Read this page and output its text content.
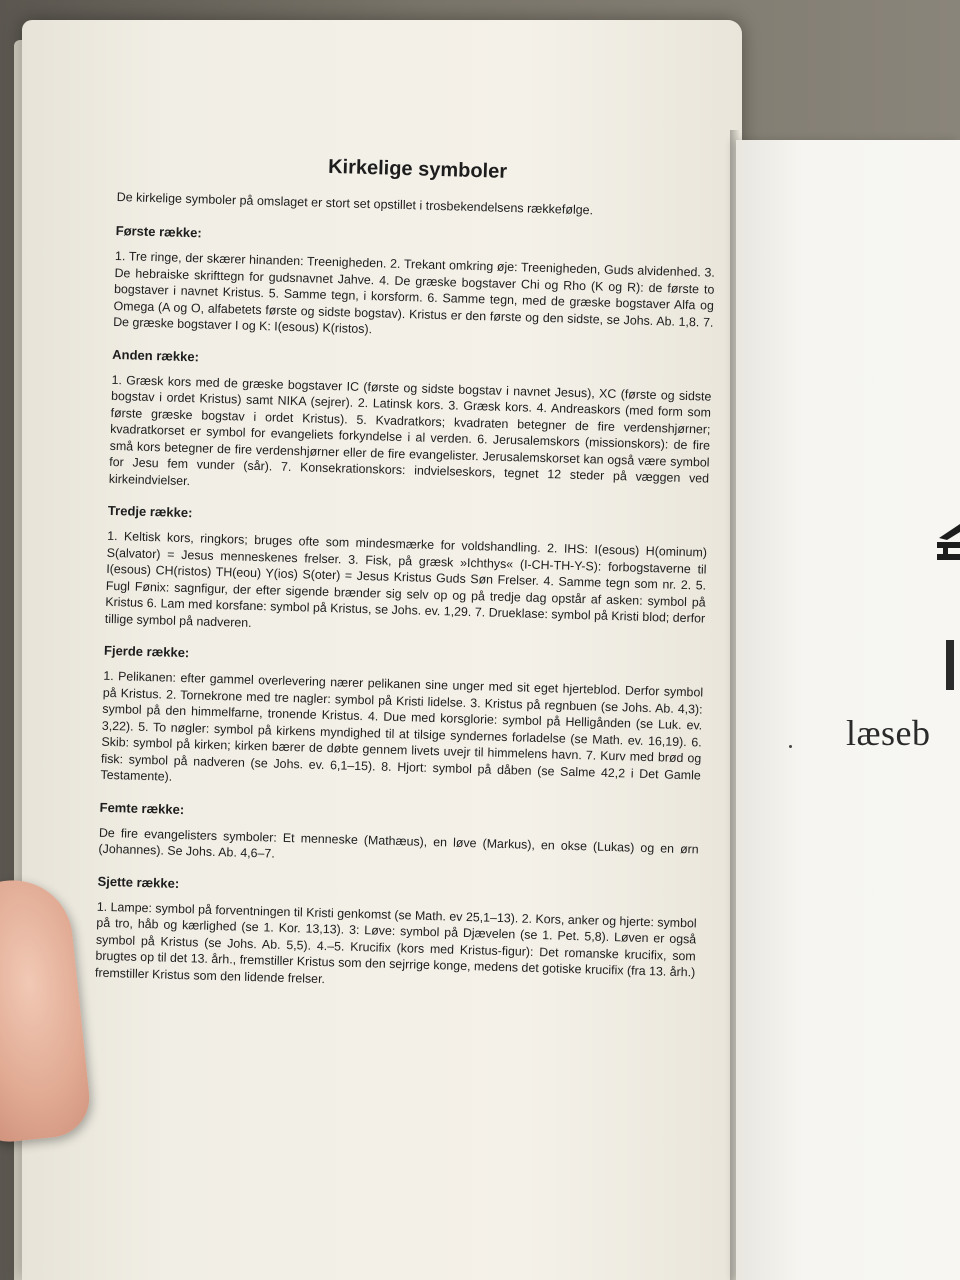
Kirkelige symboler
De kirkelige symboler på omslaget er stort set opstillet i trosbekendelsens rækkefølge.
Første række:
1. Tre ringe, der skærer hinanden: Treenigheden. 2. Trekant omkring øje: Treenigheden, Guds alvidenhed. 3. De hebraiske skrifttegn for gudsnavnet Jahve. 4. De græske bogstaver Chi og Rho (K og R): de første to bogstaver i navnet Kristus. 5. Samme tegn, i korsform. 6. Samme tegn, med de græske bogstaver Alfa og Omega (A og O, alfabetets første og sidste bogstav). Kristus er den første og den sidste, se Johs. Ab. 1,8. 7. De græske bogstaver I og K: I(esous) K(ristos).
Anden række:
1. Græsk kors med de græske bogstaver IC (første og sidste bogstav i navnet Jesus), XC (første og sidste bogstav i ordet Kristus) samt NIKA (sejrer). 2. Latinsk kors. 3. Græsk kors. 4. Andreaskors (med form som første græske bogstav i ordet Kristus). 5. Kvadratkors; kvadraten betegner de fire verdenshjørner; kvadratkorset er symbol for evangeliets forkyndelse i al verden. 6. Jerusalemskors (missionskors): de fire små kors betegner de fire verdenshjørner eller de fire evangelister. Jerusalemskorset kan også være symbol for Jesu fem vunder (sår). 7. Konsekrationskors: indvielseskors, tegnet 12 steder på væggen ved kirkeindvielser.
Tredje række:
1. Keltisk kors, ringkors; bruges ofte som mindesmærke for voldshandling. 2. IHS: I(esous) H(ominum) S(alvator) = Jesus menneskenes frelser. 3. Fisk, på græsk »Ichthys« (I-CH-TH-Y-S): forbogstaverne til I(esous) CH(ristos) TH(eou) Y(ios) S(oter) = Jesus Kristus Guds Søn Frelser. 4. Samme tegn som nr. 2. 5. Fugl Fønix: sagnfigur, der efter sigende brænder sig selv op og på tredje dag opstår af asken: symbol på Kristus 6. Lam med korsfane: symbol på Kristus, se Johs. ev. 1,29. 7. Drueklase: symbol på Kristi blod; derfor tillige symbol på nadveren.
Fjerde række:
1. Pelikanen: efter gammel overlevering nærer pelikanen sine unger med sit eget hjerteblod. Derfor symbol på Kristus. 2. Tornekrone med tre nagler: symbol på Kristi lidelse. 3. Kristus på regnbuen (se Johs. Ab. 4,3): symbol på den himmelfarne, tronende Kristus. 4. Due med korsglorie: symbol på Helligånden (se Luk. ev. 3,22). 5. To nøgler: symbol på kirkens myndighed til at tilsige syndernes forladelse (se Math. ev. 16,19). 6. Skib: symbol på kirken; kirken bærer de døbte gennem livets uvejr til himmelens havn. 7. Kurv med brød og fisk: symbol på nadveren (se Johs. ev. 6,1–15). 8. Hjort: symbol på dåben (se Salme 42,2 i Det Gamle Testamente).
Femte række:
De fire evangelisters symboler: Et menneske (Mathæus), en løve (Markus), en okse (Lukas) og en ørn (Johannes). Se Johs. Ab. 4,6–7.
Sjette række:
1. Lampe: symbol på forventningen til Kristi genkomst (se Math. ev 25,1–13). 2. Kors, anker og hjerte: symbol på tro, håb og kærlighed (se 1. Kor. 13,13). 3: Løve: symbol på Djævelen (se 1. Pet. 5,8). Løven er også symbol på Kristus (se Johs. Ab. 5,5). 4.–5. Krucifix (kors med Kristus-figur): Det romanske krucifix, som brugtes op til det 13. årh., fremstiller Kristus som den sejrrige konge, medens det gotiske krucifix (fra 13. årh.) fremstiller Kristus som den lidende frelser.
læseb
